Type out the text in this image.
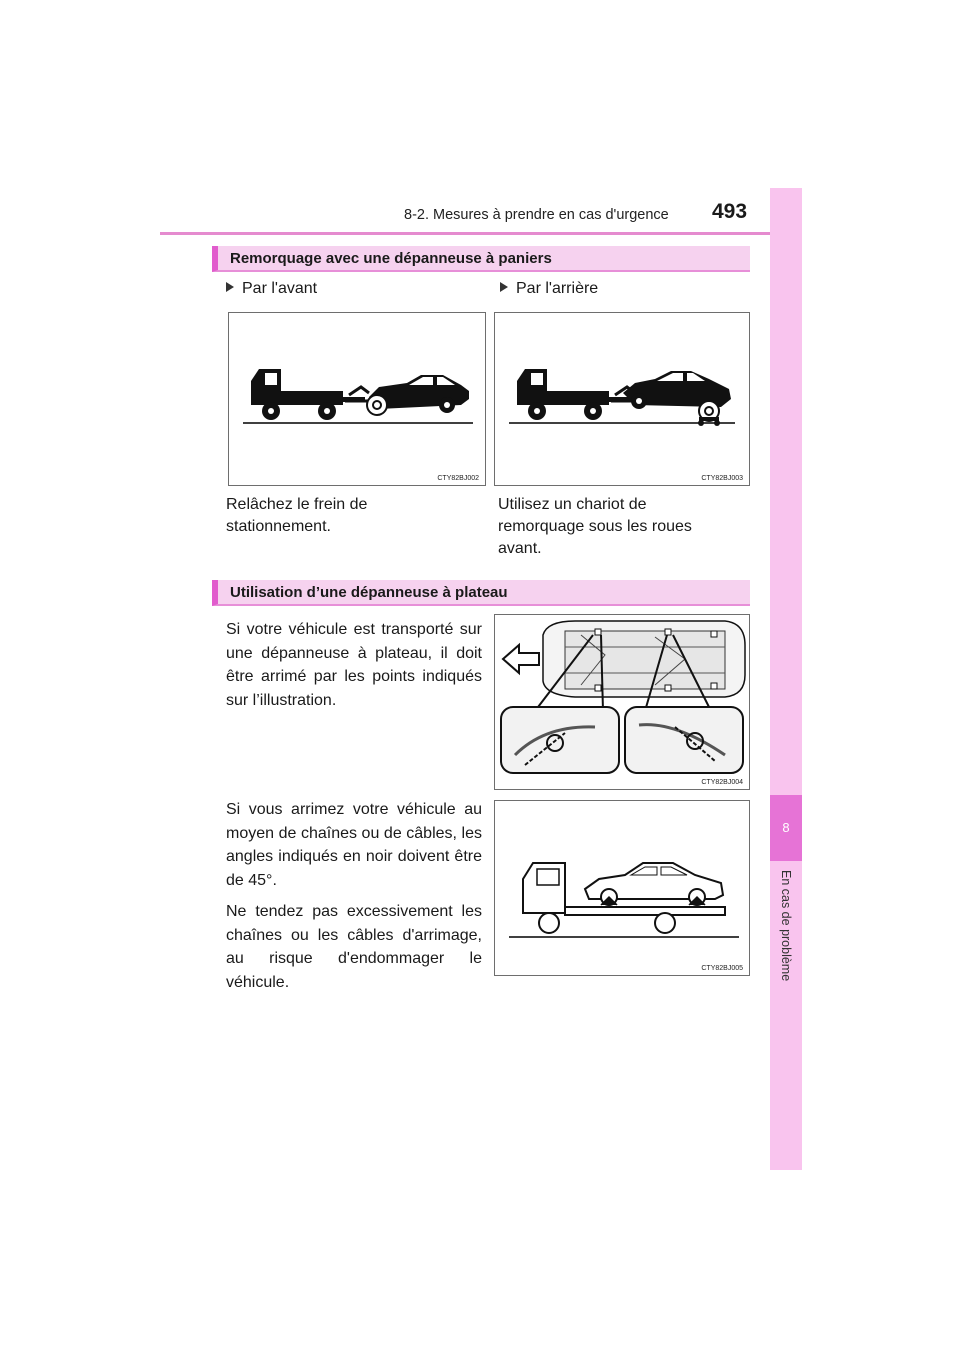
8-2. Mesures à prendre en cas d'urgence 493
8
En cas de problème
Remorquage avec une dépanneuse à paniers
Par l'avant	Par l'arrière
CTY82BJ002	CTY82BJ003
Relâchez le frein de
stationnement.
Utilisez un chariot de
remorquage sous les roues
avant.
Utilisation d’une dépanneuse à plateau

Si votre véhicule est transporté sur une dépanneuse à plateau, il doit être arrimé par les points indiqués sur l’illustration.

Si vous arrimez votre véhicule au moyen de chaînes ou de câbles, les angles indiqués en noir doivent être de 45°.

Ne tendez pas excessivement les chaînes ou les câbles d'arrimage, au risque d'endommager le véhicule.

CTY82BJ004
CTY82BJ005
